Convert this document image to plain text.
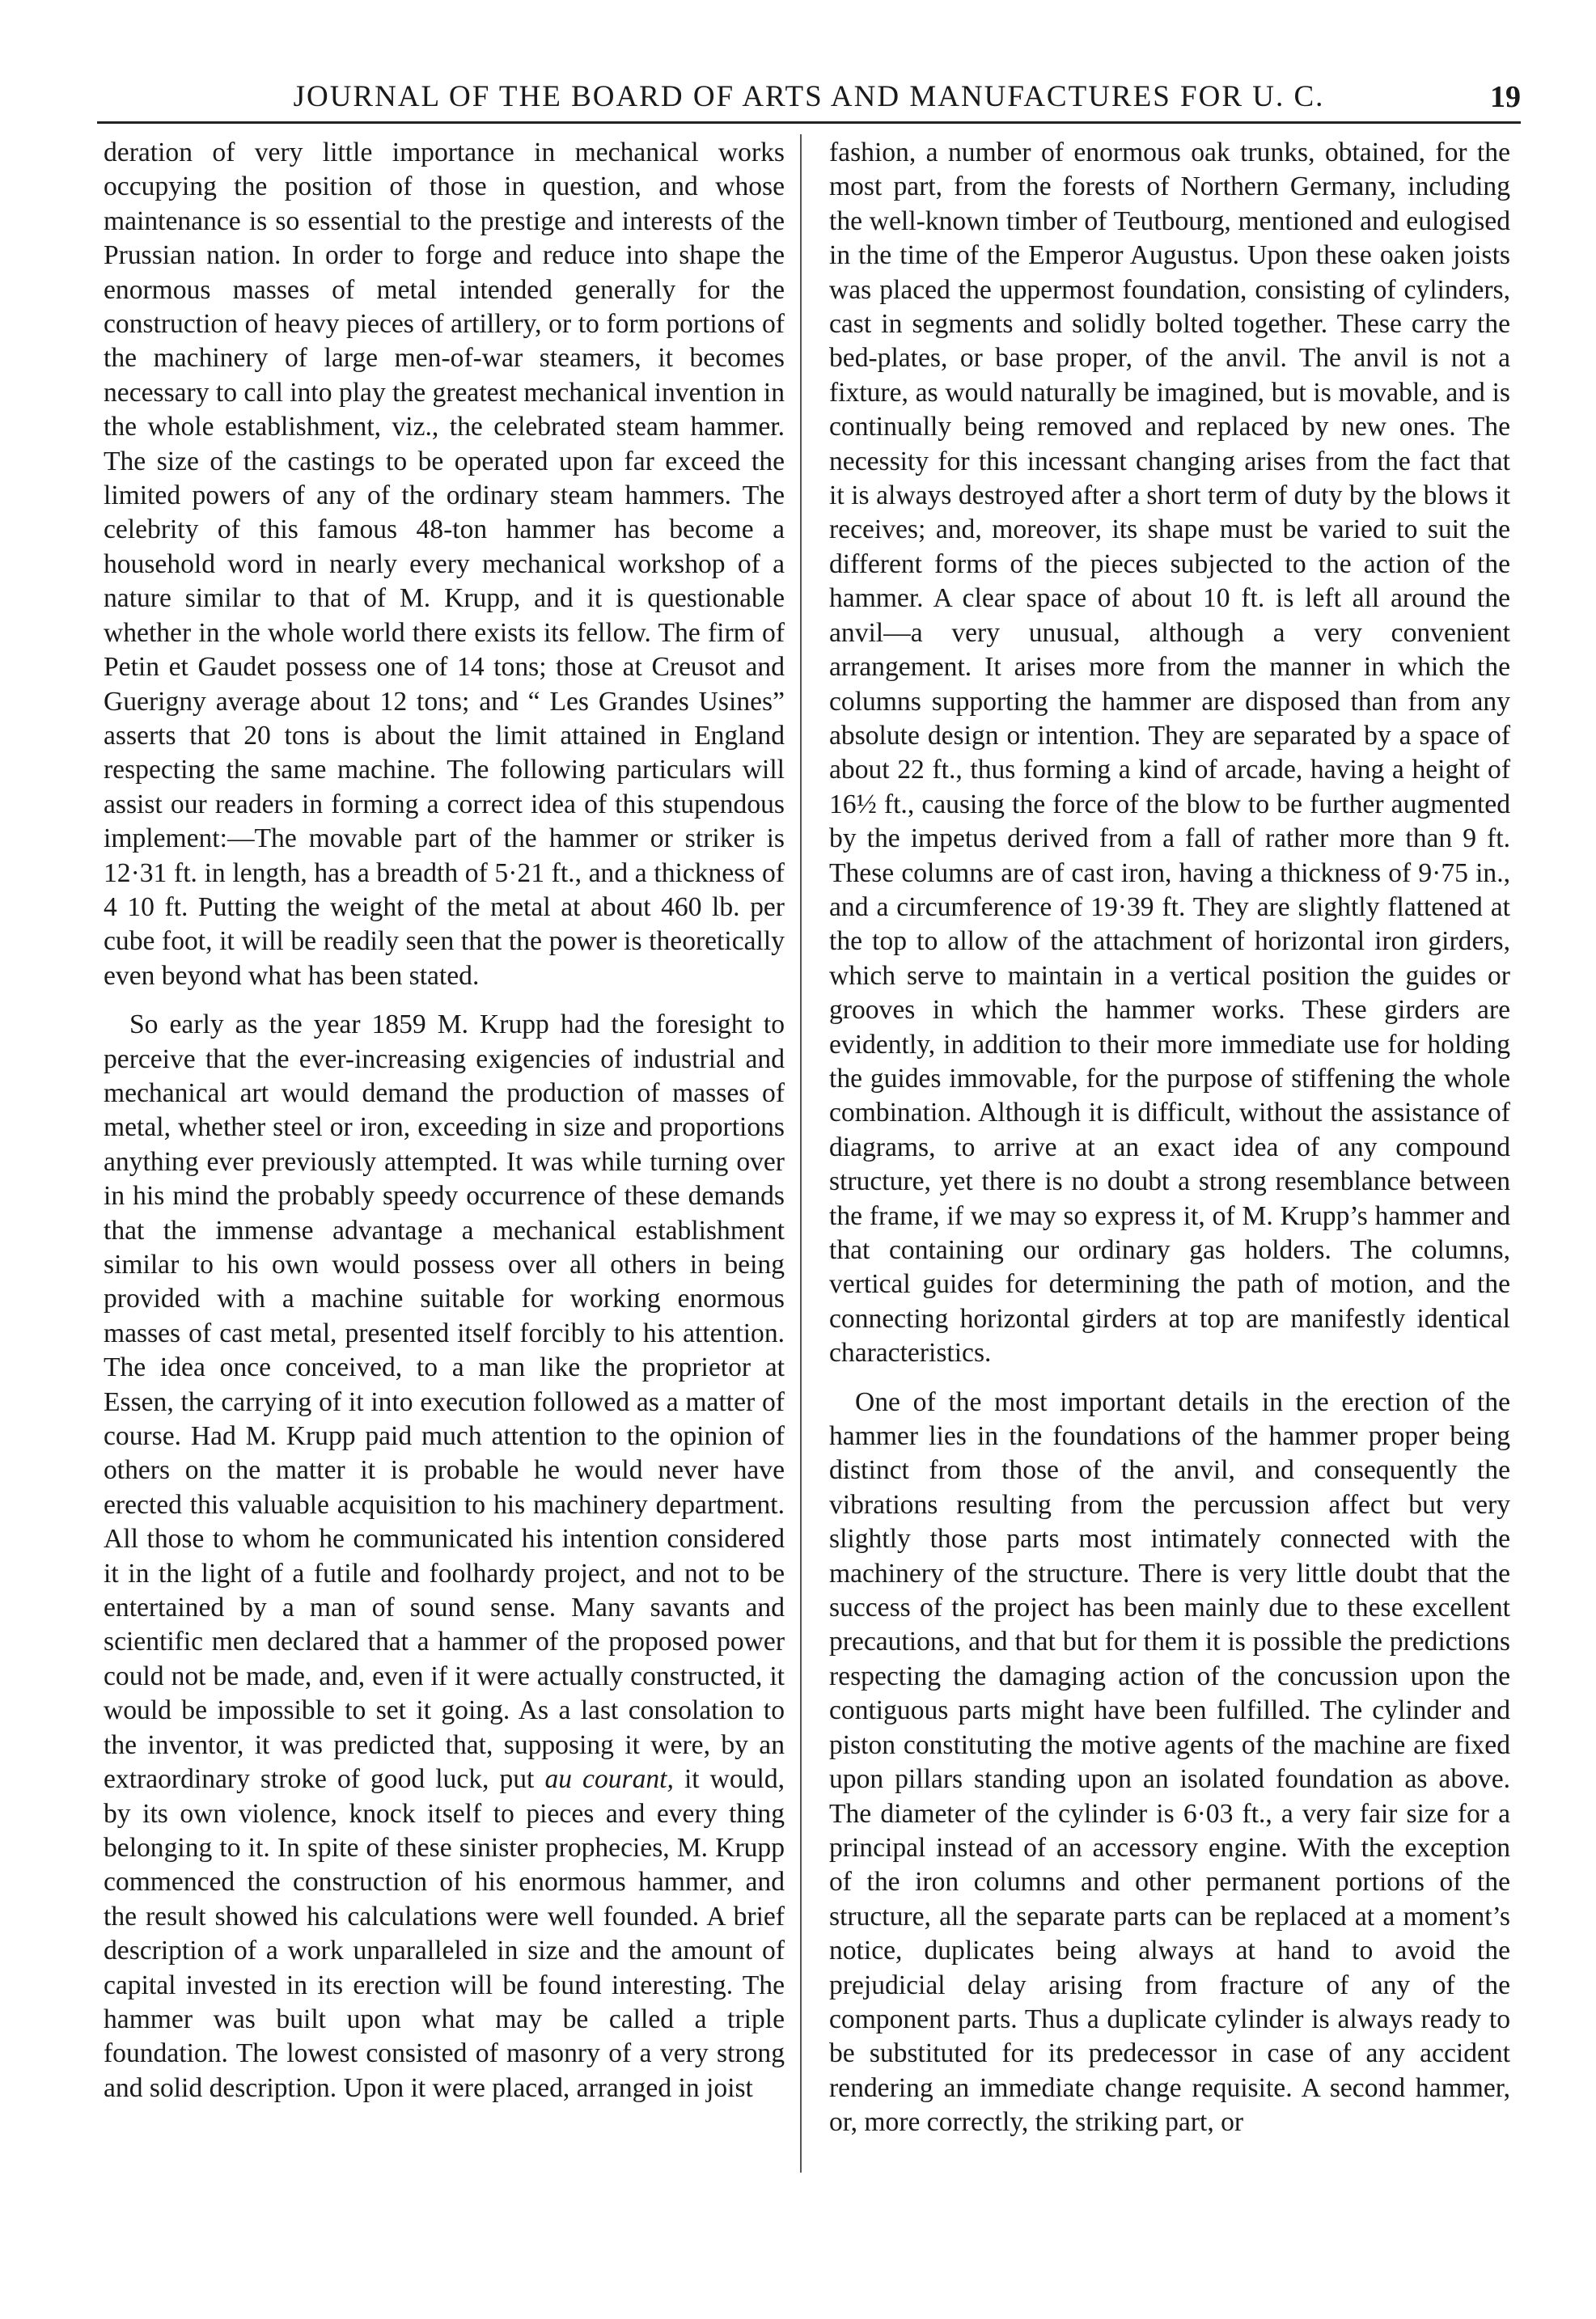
JOURNAL OF THE BOARD OF ARTS AND MANUFACTURES FOR U. C.	19

deration of very little importance in mechanical works occupying the position of those in question, and whose maintenance is so essential to the prestige and interests of the Prussian nation. In order to forge and reduce into shape the enormous masses of metal intended generally for the construction of heavy pieces of artillery, or to form portions of the machinery of large men-of-war steamers, it becomes necessary to call into play the greatest mechanical invention in the whole establishment, viz., the celebrated steam hammer. The size of the castings to be operated upon far exceed the limited powers of any of the ordinary steam hammers. The celebrity of this famous 48-ton hammer has become a household word in nearly every mechanical workshop of a nature similar to that of M. Krupp, and it is questionable whether in the whole world there exists its fellow. The firm of Petin et Gaudet possess one of 14 tons; those at Creusot and Guerigny average about 12 tons; and “ Les Grandes Usines” asserts that 20 tons is about the limit attained in England respecting the same machine. The following particulars will assist our readers in forming a correct idea of this stupendous implement:—The movable part of the hammer or striker is 12·31 ft. in length, has a breadth of 5·21 ft., and a thickness of 4 10 ft. Putting the weight of the metal at about 460 lb. per cube foot, it will be readily seen that the power is theoretically even beyond what has been stated.

So early as the year 1859 M. Krupp had the foresight to perceive that the ever-increasing exigencies of industrial and mechanical art would demand the production of masses of metal, whether steel or iron, exceeding in size and proportions anything ever previously attempted. It was while turning over in his mind the probably speedy occurrence of these demands that the immense advantage a mechanical establishment similar to his own would possess over all others in being provided with a machine suitable for working enormous masses of cast metal, presented itself forcibly to his attention. The idea once conceived, to a man like the proprietor at Essen, the carrying of it into execution followed as a matter of course. Had M. Krupp paid much attention to the opinion of others on the matter it is probable he would never have erected this valuable acquisition to his machinery department. All those to whom he communicated his intention considered it in the light of a futile and foolhardy project, and not to be entertained by a man of sound sense. Many savants and scientific men declared that a hammer of the proposed power could not be made, and, even if it were actually constructed, it would be impossible to set it going. As a last consolation to the inventor, it was predicted that, supposing it were, by an extraordinary stroke of good luck, put au courant, it would, by its own violence, knock itself to pieces and every thing belonging to it. In spite of these sinister prophecies, M. Krupp commenced the construction of his enormous hammer, and the result showed his calculations were well founded. A brief description of a work unparalleled in size and the amount of capital invested in its erection will be found interesting. The hammer was built upon what may be called a triple foundation. The lowest consisted of masonry of a very strong and solid description. Upon it were placed, arranged in joist

fashion, a number of enormous oak trunks, obtained, for the most part, from the forests of Northern Germany, including the well-known timber of Teutbourg, mentioned and eulogised in the time of the Emperor Augustus. Upon these oaken joists was placed the uppermost foundation, consisting of cylinders, cast in segments and solidly bolted together. These carry the bed-plates, or base proper, of the anvil. The anvil is not a fixture, as would naturally be imagined, but is movable, and is continually being removed and replaced by new ones. The necessity for this incessant changing arises from the fact that it is always destroyed after a short term of duty by the blows it receives; and, moreover, its shape must be varied to suit the different forms of the pieces subjected to the action of the hammer. A clear space of about 10 ft. is left all around the anvil—a very unusual, although a very convenient arrangement. It arises more from the manner in which the columns supporting the hammer are disposed than from any absolute design or intention. They are separated by a space of about 22 ft., thus forming a kind of arcade, having a height of 16½ ft., causing the force of the blow to be further augmented by the impetus derived from a fall of rather more than 9 ft. These columns are of cast iron, having a thickness of 9·75 in., and a circumference of 19·39 ft. They are slightly flattened at the top to allow of the attachment of horizontal iron girders, which serve to maintain in a vertical position the guides or grooves in which the hammer works. These girders are evidently, in addition to their more immediate use for holding the guides immovable, for the purpose of stiffening the whole combination. Although it is difficult, without the assistance of diagrams, to arrive at an exact idea of any compound structure, yet there is no doubt a strong resemblance between the frame, if we may so express it, of M. Krupp’s hammer and that containing our ordinary gas holders. The columns, vertical guides for determining the path of motion, and the connecting horizontal girders at top are manifestly identical characteristics.

One of the most important details in the erection of the hammer lies in the foundations of the hammer proper being distinct from those of the anvil, and consequently the vibrations resulting from the percussion affect but very slightly those parts most intimately connected with the machinery of the structure. There is very little doubt that the success of the project has been mainly due to these excellent precautions, and that but for them it is possible the predictions respecting the damaging action of the concussion upon the contiguous parts might have been fulfilled. The cylinder and piston constituting the motive agents of the machine are fixed upon pillars standing upon an isolated foundation as above. The diameter of the cylinder is 6·03 ft., a very fair size for a principal instead of an accessory engine. With the exception of the iron columns and other permanent portions of the structure, all the separate parts can be replaced at a moment’s notice, duplicates being always at hand to avoid the prejudicial delay arising from fracture of any of the component parts. Thus a duplicate cylinder is always ready to be substituted for its predecessor in case of any accident rendering an immediate change requisite. A second hammer, or, more correctly, the striking part, or
